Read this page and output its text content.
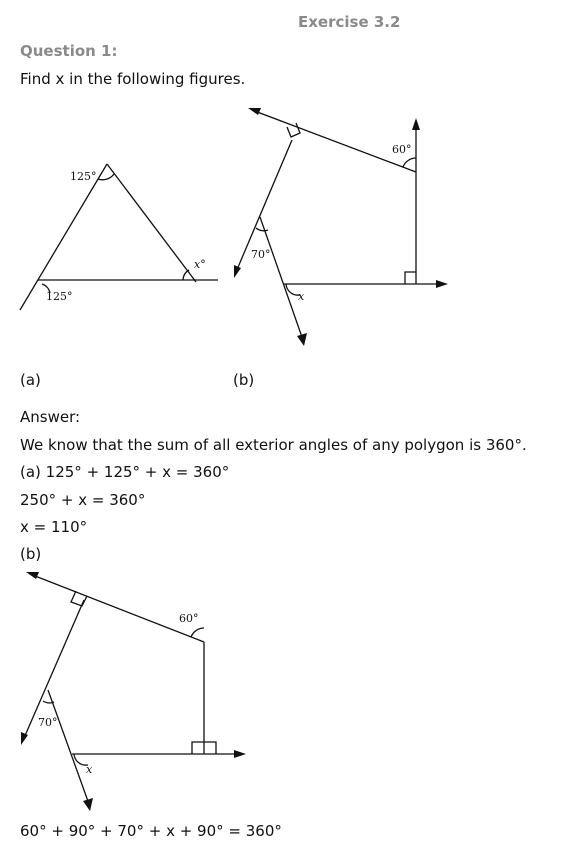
Exercise 3.2
Question 1:
Find x in the following figures.
125°
x°
125°
60°
70°
x
(a)	(b)
Answer:
We know that the sum of all exterior angles of any polygon is 360°.
(a) 125° + 125° + x = 360°
250° + x = 360°
x = 110°
(b)
60°
70°
x
60° + 90° + 70° + x + 90° = 360°
